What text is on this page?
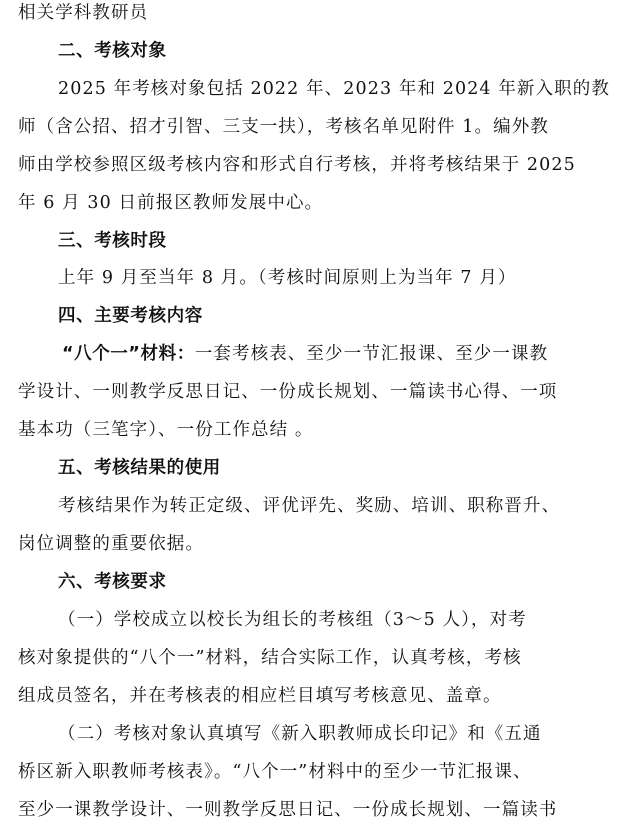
相关学科教研员
二、考核对象
2025 年考核对象包括 2022 年、2023 年和 2024 年新入职的教
师（含公招、招才引智、三支一扶），考核名单见附件 1。编外教
师由学校参照区级考核内容和形式自行考核，并将考核结果于 2025
年 6 月 30 日前报区教师发展中心。
三、考核时段
上年 9 月至当年 8 月。（考核时间原则上为当年 7 月）
四、主要考核内容
“八个一”材料：一套考核表、至少一节汇报课、至少一课教
学设计、一则教学反思日记、一份成长规划、一篇读书心得、一项
基本功（三笔字）、一份工作总结 。
五、考核结果的使用
考核结果作为转正定级、评优评先、奖励、培训、职称晋升、
岗位调整的重要依据。
六、考核要求
（一）学校成立以校长为组长的考核组（3～5 人），对考
核对象提供的“八个一”材料，结合实际工作，认真考核，考核
组成员签名，并在考核表的相应栏目填写考核意见、盖章。
（二）考核对象认真填写《新入职教师成长印记》和《五通
桥区新入职教师考核表》。“八个一”材料中的至少一节汇报课、
至少一课教学设计、一则教学反思日记、一份成长规划、一篇读书
